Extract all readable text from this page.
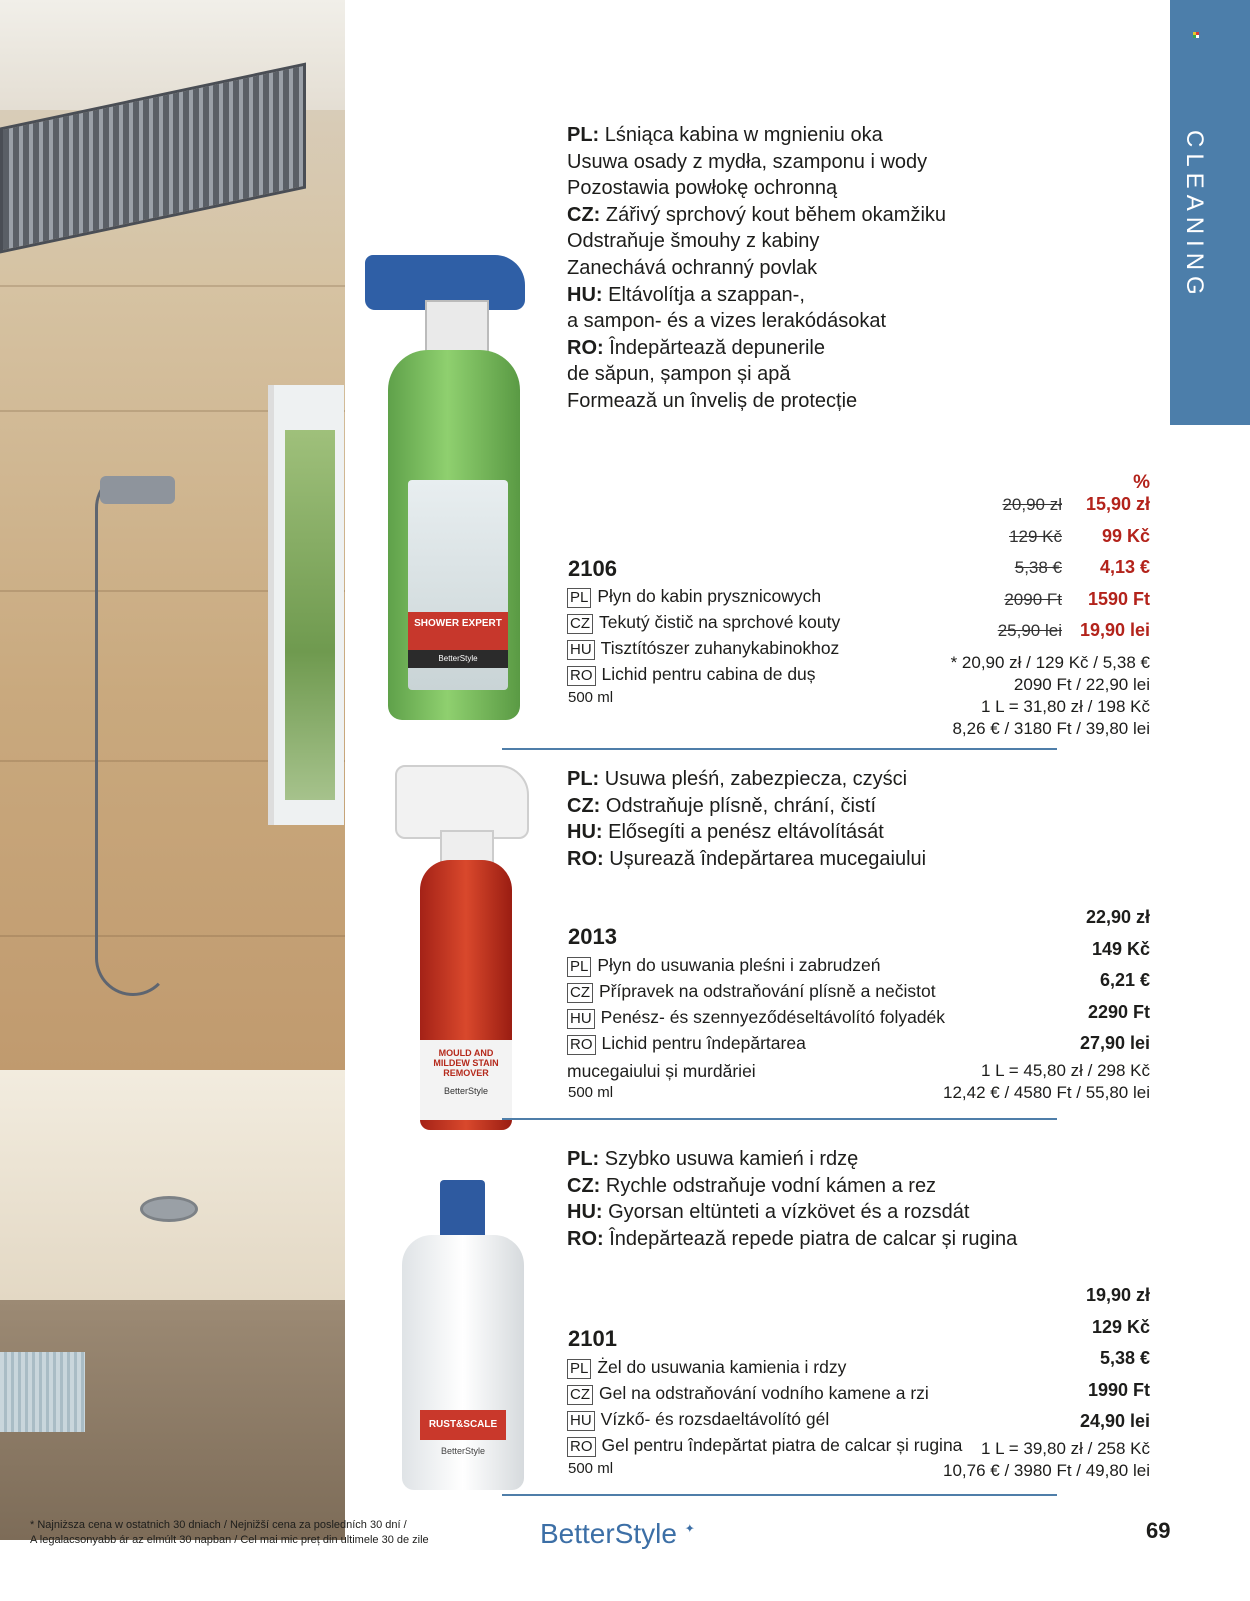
CLEANING
SHOWER EXPERT
BetterStyle
MOULD AND MILDEW STAIN REMOVER
BetterStyle
RUST&SCALE
BetterStyle
PL: Lśniąca kabina w mgnieniu oka
Usuwa osady z mydła, szamponu i wody
Pozostawia powłokę ochronną
CZ: Zářivý sprchový kout během okamžiku
Odstraňuje šmouhy z kabiny
Zanechává ochranný povlak
HU: Eltávolítja a szappan-,
a sampon- és a vizes lerakódásokat
RO: Îndepărtează depunerile
de săpun, șampon și apă
Formează un înveliș de protecție
2106
PL Płyn do kabin prysznicowych
CZ Tekutý čistič na sprchové kouty
HU Tisztítószer zuhanykabinokhoz
RO Lichid pentru cabina de duș
500 ml
%
20,90 zł 15,90 zł
129 Kč 99 Kč
5,38 € 4,13 €
2090 Ft 1590 Ft
25,90 lei 19,90 lei
* 20,90 zł / 129 Kč / 5,38 €
2090 Ft / 22,90 lei
1 L = 31,80 zł / 198 Kč
8,26 € / 3180 Ft / 39,80 lei
PL: Usuwa pleśń, zabezpiecza, czyści
CZ: Odstraňuje plísně, chrání, čistí
HU: Elősegíti a penész eltávolítását
RO: Ușurează îndepărtarea mucegaiului
2013
PL Płyn do usuwania pleśni i zabrudzeń
CZ Přípravek na odstraňování plísně a nečistot
HU Penész- és szennyeződéseltávolító folyadék
RO Lichid pentru îndepărtarea
mucegaiului și murdăriei
500 ml
22,90 zł
149 Kč
6,21 €
2290 Ft
27,90 lei
1 L = 45,80 zł / 298 Kč
12,42 € / 4580 Ft / 55,80 lei
PL: Szybko usuwa kamień i rdzę
CZ: Rychle odstraňuje vodní kámen a rez
HU: Gyorsan eltünteti a vízkövet és a rozsdát
RO: Îndepărtează repede piatra de calcar și rugina
2101
PL Żel do usuwania kamienia i rdzy
CZ Gel na odstraňování vodního kamene a rzi
HU Vízkő- és rozsdaeltávolító gél
RO Gel pentru îndepărtat piatra de calcar și rugina
500 ml
19,90 zł
129 Kč
5,38 €
1990 Ft
24,90 lei
1 L = 39,80 zł / 258 Kč
10,76 € / 3980 Ft / 49,80 lei
* Najniższa cena w ostatnich 30 dniach / Nejnižší cena za posledních 30 dní /
A legalacsonyabb ár az elmúlt 30 napban / Cel mai mic preț din ultimele 30 de zile	BetterStyle ✦	69
